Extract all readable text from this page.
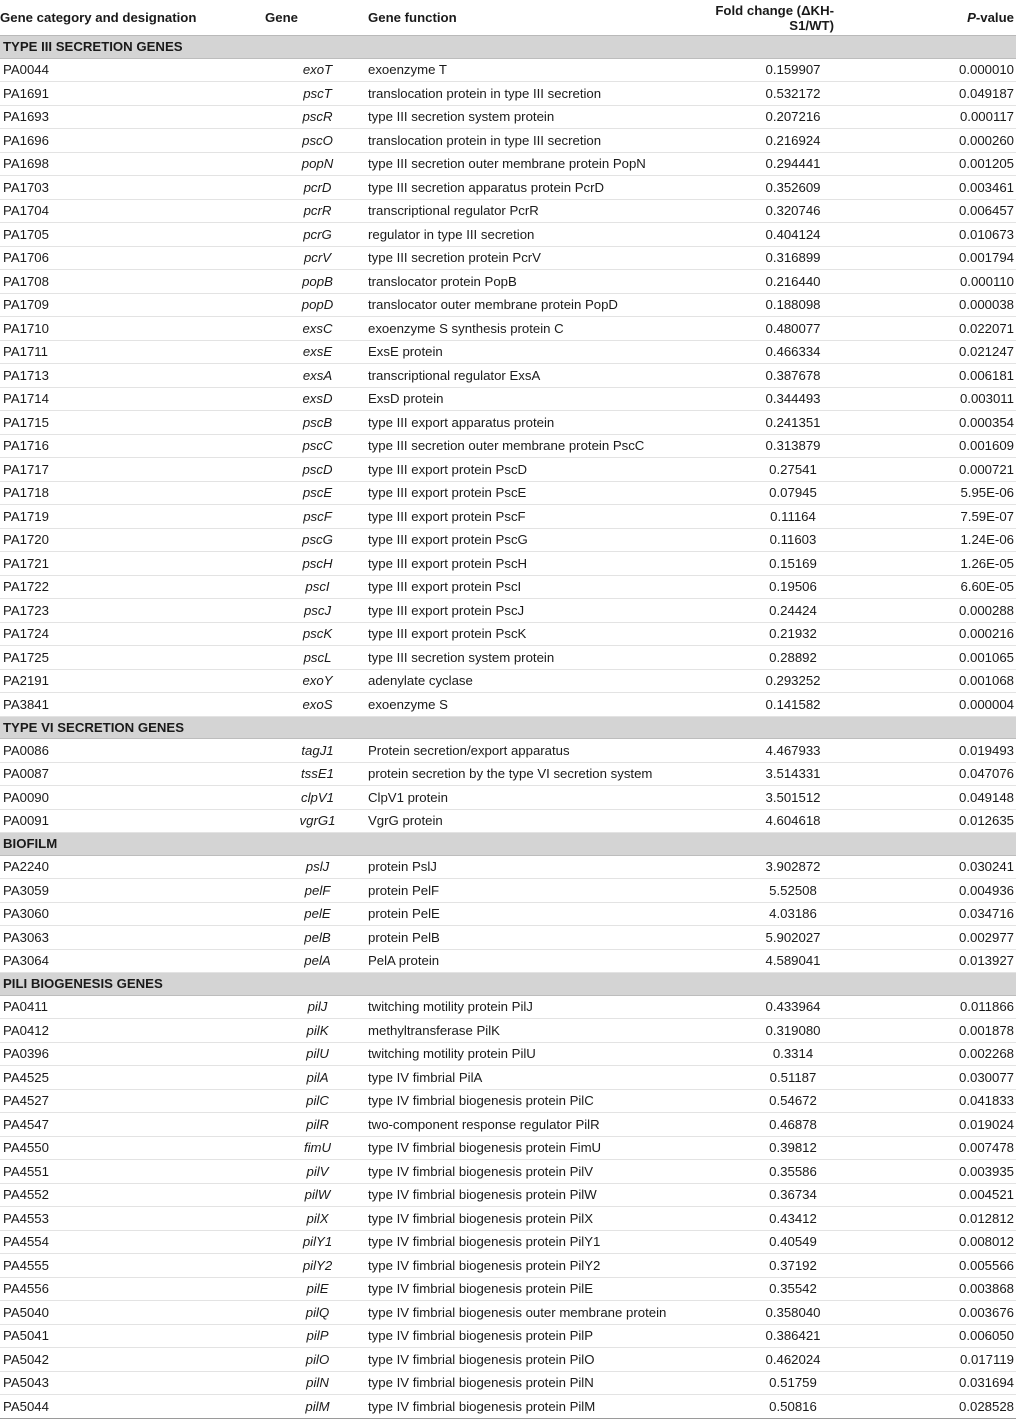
Gene category and designation	Gene	Gene function	Fold change (ΔKH-S1/WT)	P-value
TYPE III SECRETION GENES				
PA0044	exoT	exoenzyme T	0.159907	0.000010
PA1691	pscT	translocation protein in type III secretion	0.532172	0.049187
PA1693	pscR	type III secretion system protein	0.207216	0.000117
PA1696	pscO	translocation protein in type III secretion	0.216924	0.000260
PA1698	popN	type III secretion outer membrane protein PopN	0.294441	0.001205
PA1703	pcrD	type III secretion apparatus protein PcrD	0.352609	0.003461
PA1704	pcrR	transcriptional regulator PcrR	0.320746	0.006457
PA1705	pcrG	regulator in type III secretion	0.404124	0.010673
PA1706	pcrV	type III secretion protein PcrV	0.316899	0.001794
PA1708	popB	translocator protein PopB	0.216440	0.000110
PA1709	popD	translocator outer membrane protein PopD	0.188098	0.000038
PA1710	exsC	exoenzyme S synthesis protein C	0.480077	0.022071
PA1711	exsE	ExsE protein	0.466334	0.021247
PA1713	exsA	transcriptional regulator ExsA	0.387678	0.006181
PA1714	exsD	ExsD protein	0.344493	0.003011
PA1715	pscB	type III export apparatus protein	0.241351	0.000354
PA1716	pscC	type III secretion outer membrane protein PscC	0.313879	0.001609
PA1717	pscD	type III export protein PscD	0.27541	0.000721
PA1718	pscE	type III export protein PscE	0.07945	5.95E-06
PA1719	pscF	type III export protein PscF	0.11164	7.59E-07
PA1720	pscG	type III export protein PscG	0.11603	1.24E-06
PA1721	pscH	type III export protein PscH	0.15169	1.26E-05
PA1722	pscI	type III export protein PscI	0.19506	6.60E-05
PA1723	pscJ	type III export protein PscJ	0.24424	0.000288
PA1724	pscK	type III export protein PscK	0.21932	0.000216
PA1725	pscL	type III secretion system protein	0.28892	0.001065
PA2191	exoY	adenylate cyclase	0.293252	0.001068
PA3841	exoS	exoenzyme S	0.141582	0.000004
TYPE VI SECRETION GENES				
PA0086	tagJ1	Protein secretion/export apparatus	4.467933	0.019493
PA0087	tssE1	protein secretion by the type VI secretion system	3.514331	0.047076
PA0090	clpV1	ClpV1 protein	3.501512	0.049148
PA0091	vgrG1	VgrG protein	4.604618	0.012635
BIOFILM				
PA2240	pslJ	protein PslJ	3.902872	0.030241
PA3059	pelF	protein PelF	5.52508	0.004936
PA3060	pelE	protein PelE	4.03186	0.034716
PA3063	pelB	protein PelB	5.902027	0.002977
PA3064	pelA	PelA protein	4.589041	0.013927
PILI BIOGENESIS GENES				
PA0411	pilJ	twitching motility protein PilJ	0.433964	0.011866
PA0412	pilK	methyltransferase PilK	0.319080	0.001878
PA0396	pilU	twitching motility protein PilU	0.3314	0.002268
PA4525	pilA	type IV fimbrial PilA	0.51187	0.030077
PA4527	pilC	type IV fimbrial biogenesis protein PilC	0.54672	0.041833
PA4547	pilR	two-component response regulator PilR	0.46878	0.019024
PA4550	fimU	type IV fimbrial biogenesis protein FimU	0.39812	0.007478
PA4551	pilV	type IV fimbrial biogenesis protein PilV	0.35586	0.003935
PA4552	pilW	type IV fimbrial biogenesis protein PilW	0.36734	0.004521
PA4553	pilX	type IV fimbrial biogenesis protein PilX	0.43412	0.012812
PA4554	pilY1	type IV fimbrial biogenesis protein PilY1	0.40549	0.008012
PA4555	pilY2	type IV fimbrial biogenesis protein PilY2	0.37192	0.005566
PA4556	pilE	type IV fimbrial biogenesis protein PilE	0.35542	0.003868
PA5040	pilQ	type IV fimbrial biogenesis outer membrane protein	0.358040	0.003676
PA5041	pilP	type IV fimbrial biogenesis protein PilP	0.386421	0.006050
PA5042	pilO	type IV fimbrial biogenesis protein PilO	0.462024	0.017119
PA5043	pilN	type IV fimbrial biogenesis protein PilN	0.51759	0.031694
PA5044	pilM	type IV fimbrial biogenesis protein PilM	0.50816	0.028528
